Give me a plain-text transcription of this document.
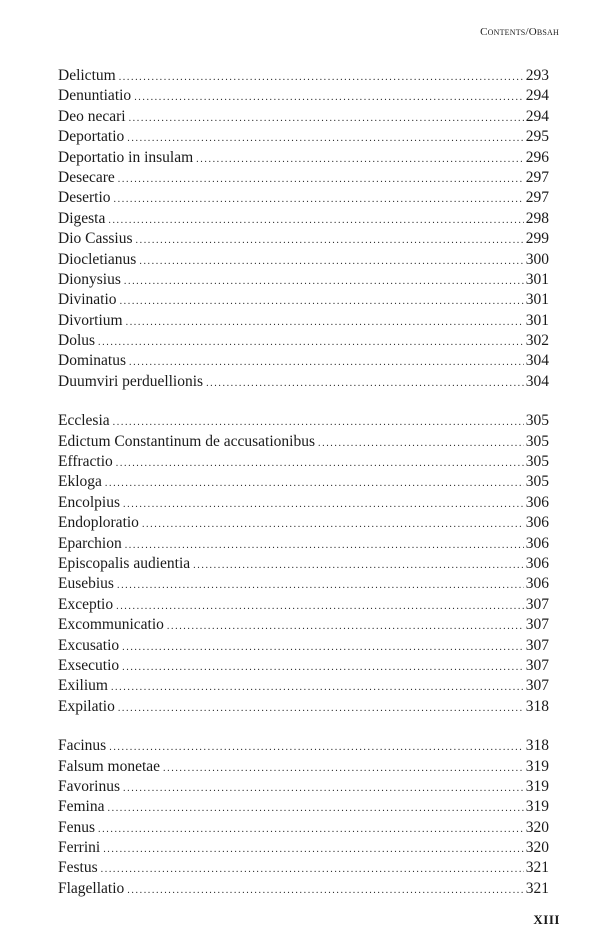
Contents/Obsah
Delictum .....	293
Denuntiatio .....	294
Deo necari .....	294
Deportatio .....	295
Deportatio in insulam .....	296
Desecare .....	297
Desertio .....	297
Digesta .....	298
Dio Cassius .....	299
Diocletianus .....	300
Dionysius .....	301
Divinatio .....	301
Divortium .....	301
Dolus .....	302
Dominatus .....	304
Duumviri perduellionis .....	304
Ecclesia .....	305
Edictum Constantinum de accusationibus .....	305
Effractio .....	305
Ekloga .....	305
Encolpius .....	306
Endoploratio .....	306
Eparchion .....	306
Episcopalis audientia .....	306
Eusebius .....	306
Exceptio .....	307
Excommunicatio .....	307
Excusatio .....	307
Exsecutio .....	307
Exilium .....	307
Expilatio .....	318
Facinus .....	318
Falsum monetae .....	319
Favorinus .....	319
Femina .....	319
Fenus .....	320
Ferrini .....	320
Festus .....	321
Flagellatio .....	321
XIII
